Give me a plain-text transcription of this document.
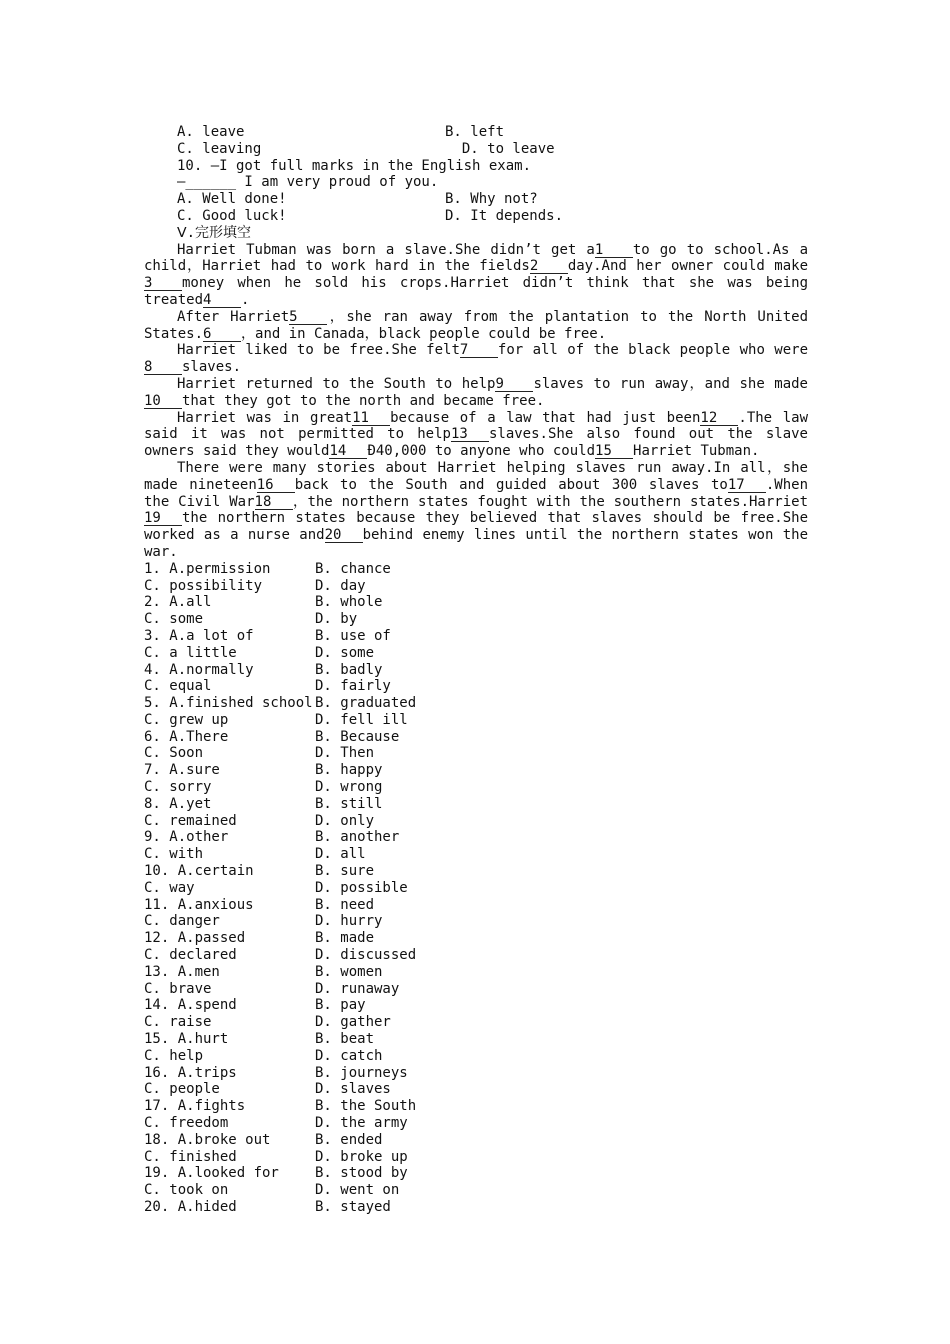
A. leave	B. left
C. leaving	D. to leave
10. —I got full marks in the English exam.
—______ I am very proud of you.
A. Well done!	B. Why not?
C. Good luck!	D. It depends.
Ⅴ.完形填空
Harriet Tubman was born a slave.She didn’t get a1 to go to school.As a child，Harriet had to work hard in the fields2 day.And her owner could make3 money when he sold his crops.Harriet didn’t think that she was being treated4 .
After Harriet5 ，she ran away from the plantation to the North United States.6 ，and in Canada，black people could be free.
Harriet liked to be free.She felt7 for all of the black people who were8 slaves.
Harriet returned to the South to help9 slaves to run away，and she made10 that they got to the north and became free.
Harriet was in great11 because of a law that had just been12 .The law said it was not permitted to help13 slaves.She also found out the slave owners said they would14 Đ40,000 to anyone who could15 Harriet Tubman.
There were many stories about Harriet helping slaves run away.In all，she made nineteen16 back to the South and guided about 300 slaves to17 .When the Civil War18 ，the northern states fought with the southern states.Harriet19 the northern states because they believed that slaves should be free.She worked as a nurse and20 behind enemy lines until the northern states won the war.
1. A.permission	B. chance
C. possibility	D. day
2. A.all	B. whole
C. some	D. by
3. A.a lot of	B. use of
C. a little	D. some
4. A.normally	B. badly
C. equal	D. fairly
5. A.finished school B. graduated
C. grew up	D. fell ill
6. A.There	B. Because
C. Soon	D. Then
7. A.sure	B. happy
C. sorry	D. wrong
8. A.yet	B. still
C. remained	D. only
9. A.other	B. another
C. with	D. all
10. A.certain	B. sure
C. way	D. possible
11. A.anxious	B. need
C. danger	D. hurry
12. A.passed	B. made
C. declared	D. discussed
13. A.men	B. women
C. brave	D. runaway
14. A.spend	B. pay
C. raise	D. gather
15. A.hurt	B. beat
C. help	D. catch
16. A.trips	B. journeys
C. people	D. slaves
17. A.fights	B. the South
C. freedom	D. the army
18. A.broke out	B. ended
C. finished	D. broke up
19. A.looked for	B. stood by
C. took on	D. went on
20. A.hided	B. stayed
